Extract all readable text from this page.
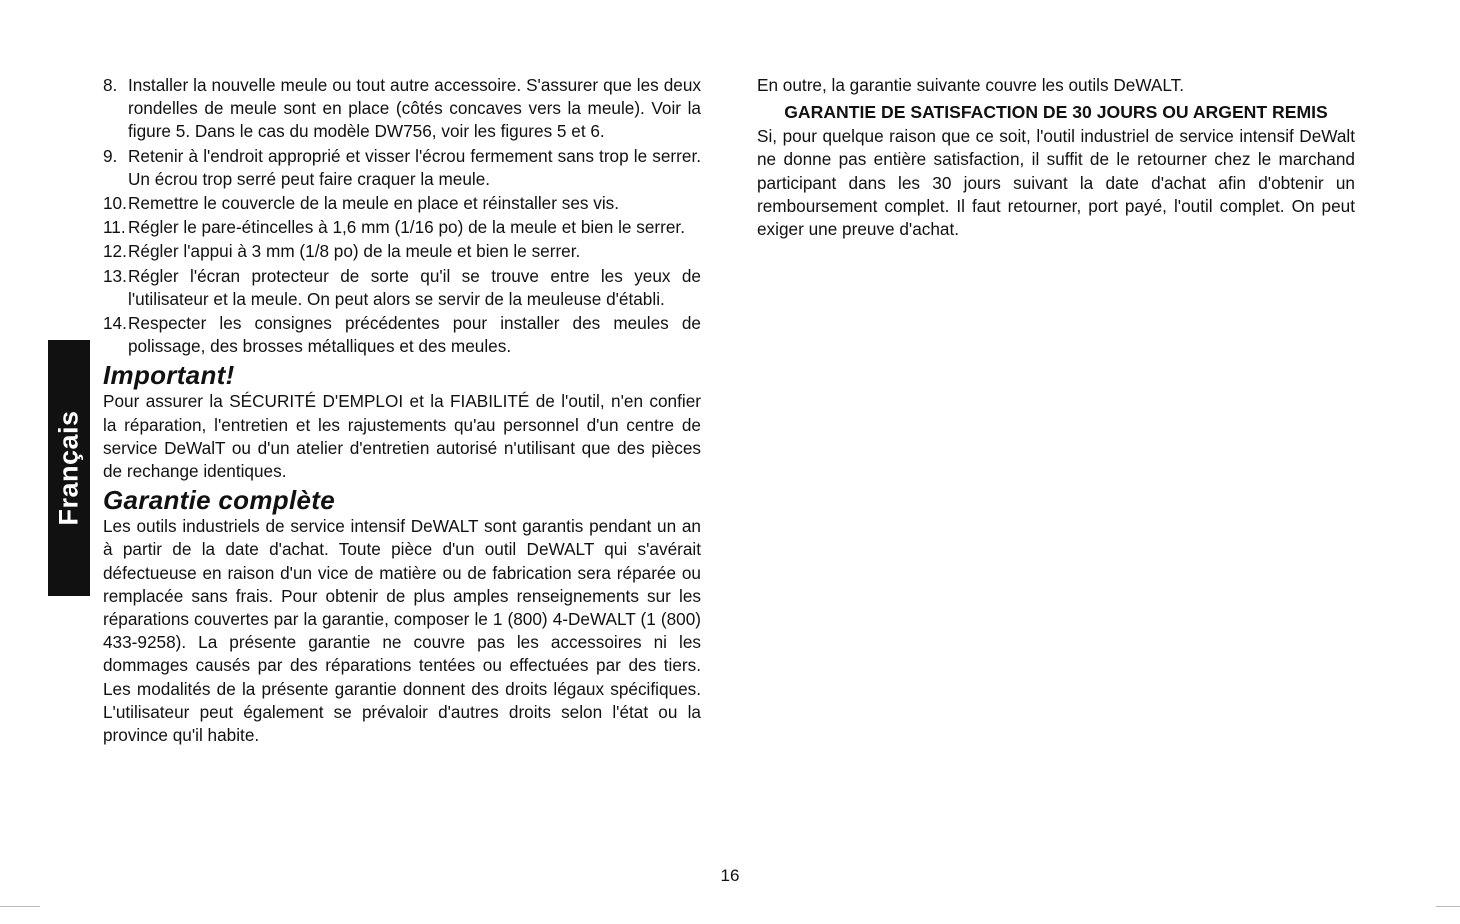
Français
8. Installer la nouvelle meule ou tout autre accessoire. S'assurer que les deux rondelles de meule sont en place (côtés concaves vers la meule). Voir la figure 5. Dans le cas du modèle DW756, voir les figures 5 et 6.
9. Retenir à l'endroit approprié et visser l'écrou fermement sans trop le serrer. Un écrou trop serré peut faire craquer la meule.
10. Remettre le couvercle de la meule en place et réinstaller ses vis.
11. Régler le pare-étincelles à 1,6 mm (1/16 po) de la meule et bien le serrer.
12. Régler l'appui à 3 mm (1/8 po) de la meule et bien le serrer.
13. Régler l'écran protecteur de sorte qu'il se trouve entre les yeux de l'utilisateur et la meule. On peut alors se servir de la meuleuse d'établi.
14. Respecter les consignes précédentes pour installer des meules de polissage, des brosses métalliques et des meules.
Important!

Pour assurer la SÉCURITÉ D'EMPLOI et la FIABILITÉ de l'outil, n'en confier la réparation, l'entretien et les rajustements qu'au personnel d'un centre de service DeWalT ou d'un atelier d'entretien autorisé n'utilisant que des pièces de rechange identiques.

Garantie complète

Les outils industriels de service intensif DeWALT sont garantis pendant un an à partir de la date d'achat. Toute pièce d'un outil DeWALT qui s'avérait défectueuse en raison d'un vice de matière ou de fabrication sera réparée ou remplacée sans frais. Pour obtenir de plus amples renseignements sur les réparations couvertes par la garantie, composer le 1 (800) 4-DeWALT (1 (800) 433-9258). La présente garantie ne couvre pas les accessoires ni les dommages causés par des réparations tentées ou effectuées par des tiers. Les modalités de la présente garantie donnent des droits légaux spécifiques. L'utilisateur peut également se prévaloir d'autres droits selon l'état ou la province qu'il habite.

En outre, la garantie suivante couvre les outils DeWALT.

GARANTIE DE SATISFACTION DE 30 JOURS OU ARGENT REMIS

Si, pour quelque raison que ce soit, l'outil industriel de service intensif DeWalt ne donne pas entière satisfaction, il suffit de le retourner chez le marchand participant dans les 30 jours suivant la date d'achat afin d'obtenir un remboursement complet. Il faut retourner, port payé, l'outil complet. On peut exiger une preuve d'achat.

16
